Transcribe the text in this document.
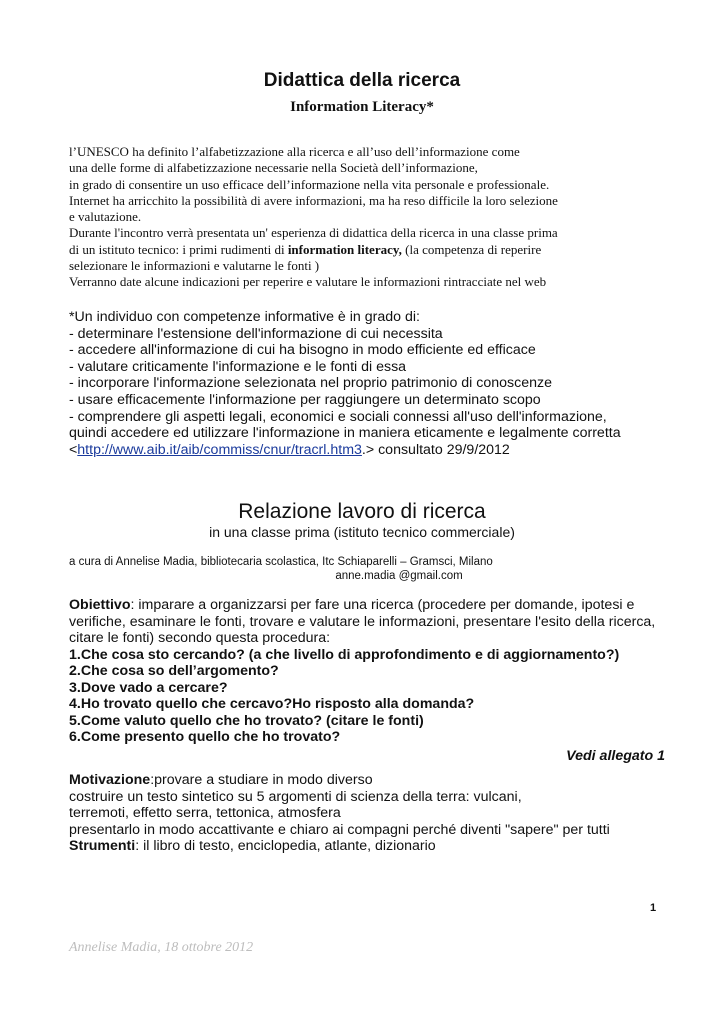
Didattica della ricerca
Information Literacy*

l’UNESCO ha definito l’alfabetizzazione alla ricerca e all’uso dell’informazione come

una delle forme di alfabetizzazione necessarie nella Società dell’informazione,

in grado di consentire un uso efficace dell’informazione nella vita personale e professionale.

Internet ha arricchito la possibilità di avere informazioni, ma ha reso difficile la loro selezione

e valutazione.

Durante l'incontro verrà presentata un' esperienza di didattica della ricerca in una classe prima

di un istituto tecnico: i primi rudimenti di information literacy, (la competenza di reperire

selezionare le informazioni e valutarne le fonti )

Verranno date alcune indicazioni per reperire e valutare le informazioni rintracciate nel web

*Un individuo con competenze informative è in grado di:

- determinare l'estensione dell'informazione di cui necessita

- accedere all'informazione di cui ha bisogno in modo efficiente ed efficace

- valutare criticamente l'informazione e le fonti di essa

- incorporare l'informazione selezionata nel proprio patrimonio di conoscenze

- usare efficacemente l'informazione per raggiungere un determinato scopo

- comprendere gli aspetti legali, economici e sociali connessi all'uso dell'informazione,

quindi accedere ed utilizzare l'informazione in maniera eticamente e legalmente corretta

<http://www.aib.it/aib/commiss/cnur/tracrl.htm3.> consultato 29/9/2012

Relazione lavoro di ricerca
in una classe prima (istituto tecnico commerciale)

a cura di Annelise Madia, bibliotecaria scolastica, Itc Schiaparelli – Gramsci, Milano

anne.madia @gmail.com

Obiettivo: imparare a organizzarsi per fare una ricerca (procedere per domande, ipotesi e

verifiche, esaminare le fonti, trovare e valutare le informazioni, presentare l'esito della ricerca,

citare le fonti) secondo questa procedura:

1.Che cosa sto cercando? (a che livello di approfondimento e di aggiornamento?)
2.Che cosa so dell’argomento?
3.Dove vado a cercare?
4.Ho trovato quello che cercavo?Ho risposto alla domanda?
5.Come valuto quello che ho trovato? (citare le fonti)
6.Come presento quello che ho trovato?

Vedi allegato 1

Motivazione:provare a studiare in modo diverso

costruire un testo sintetico su 5 argomenti di scienza della terra: vulcani,

terremoti, effetto serra, tettonica, atmosfera

presentarlo in modo accattivante e chiaro ai compagni perché diventi "sapere" per tutti

Strumenti: il libro di testo, enciclopedia, atlante, dizionario

1
Annelise Madia, 18 ottobre 2012
